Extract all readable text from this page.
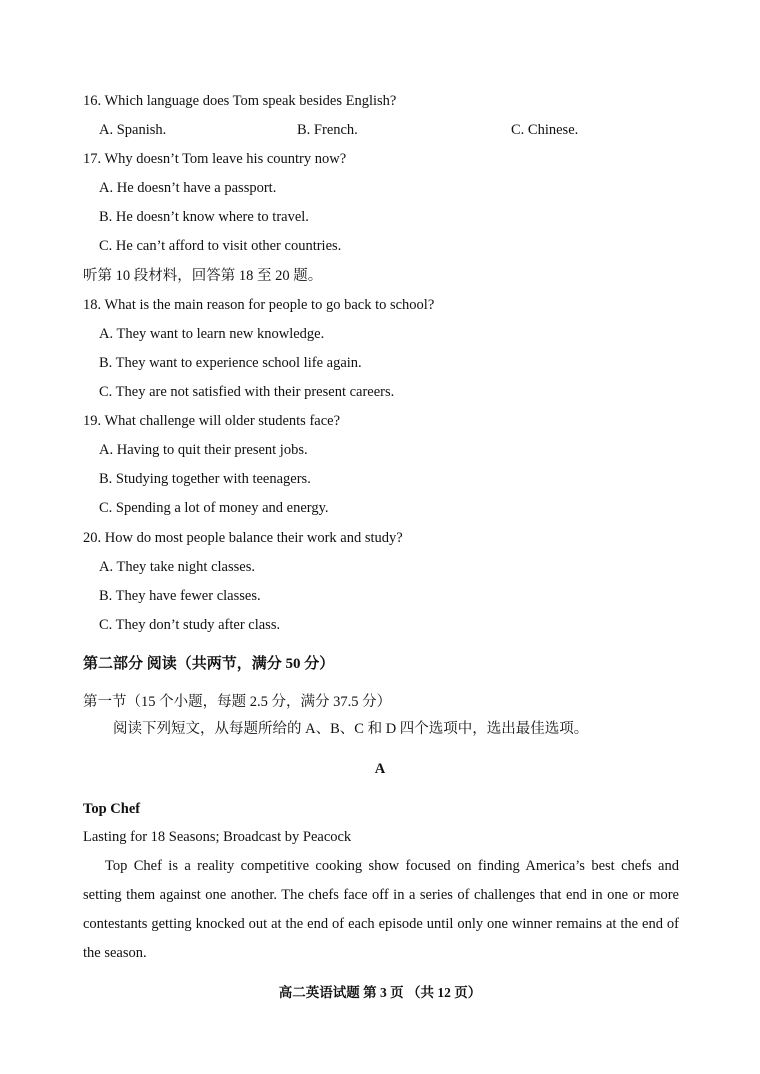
16. Which language does Tom speak besides English?
A. Spanish.	B. French.	C. Chinese.
17. Why doesn’t Tom leave his country now?
A. He doesn’t have a passport.
B. He doesn’t know where to travel.
C. He can’t afford to visit other countries.
听第 10 段材料，回答第 18 至 20 题。
18. What is the main reason for people to go back to school?
A. They want to learn new knowledge.
B. They want to experience school life again.
C. They are not satisfied with their present careers.
19. What challenge will older students face?
A. Having to quit their present jobs.
B. Studying together with teenagers.
C. Spending a lot of money and energy.
20. How do most people balance their work and study?
A. They take night classes.
B. They have fewer classes.
C. They don’t study after class.
第二部分 阅读（共两节，满分 50 分）
第一节（15 个小题，每题 2.5 分，满分 37.5 分）
阅读下列短文，从每题所给的 A、B、C 和 D 四个选项中，选出最佳选项。
A
Top Chef
Lasting for 18 Seasons; Broadcast by Peacock
Top Chef is a reality competitive cooking show focused on finding America’s best chefs and setting them against one another. The chefs face off in a series of challenges that end in one or more contestants getting knocked out at the end of each episode until only one winner remains at the end of the season.
高二英语试题 第 3 页 （共 12 页）
